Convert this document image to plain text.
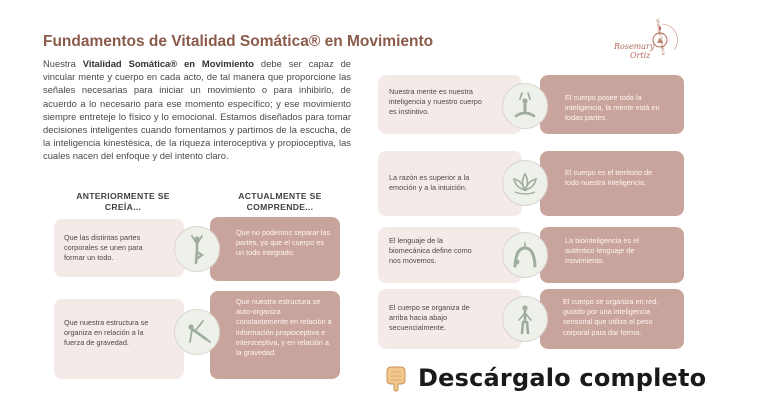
Fundamentos de Vitalidad Somática® en Movimiento	Rosemary
Ortiz Vitalidad Somática
Nuestra Vitalidad Somática® en Movimiento debe ser capaz de vincular mente y cuerpo en cada acto, de tal manera que proporcione las señales necesarias para iniciar un movimiento o para inhibirlo, de acuerdo a lo necesario para ese momento específico; y ese movimiento siempre entreteje lo físico y lo emocional. Estamos diseñados para tomar decisiones inteligentes cuando fomentamos y partimos de la escucha, de la inteligencia kinestésica, de la riqueza interoceptiva y propioceptiva, las cuales nacen del enfoque y del intento claro.
ANTERIORMENTE SE CREÍA...
ACTUALMENTE SE COMPRENDE...
Que las distintas partes corporales se unen para formar un todo.
Que no podemos separar las partes, ya que el cuerpo es un todo integrado.
Que nuestra estructura se organiza en relación a la fuerza de gravedad.
Que nuestra estructura se auto-organiza constantemente en relación a información propioceptiva e interoceptiva, y en relación a la gravedad.
Nuestra mente es nuestra inteligencia y nuestro cuerpo es instintivo.
El cuerpo posee toda la inteligencia, la mente está en todas partes.
La razón es superior a la emoción y a la intuición.
El cuerpo es el territorio de todo nuestra inteligencia.
El lenguaje de la biomecánica define como nos movemos.
La biointeligencia es el auténtico lenguaje de movimiento.
El cuerpo se organiza de arriba hacia abajo secuencialmente.
El cuerpo se organiza en red, guiado por una inteligencia sensorial que utiliza el peso corporal para dar forma.
Descárgalo completo
